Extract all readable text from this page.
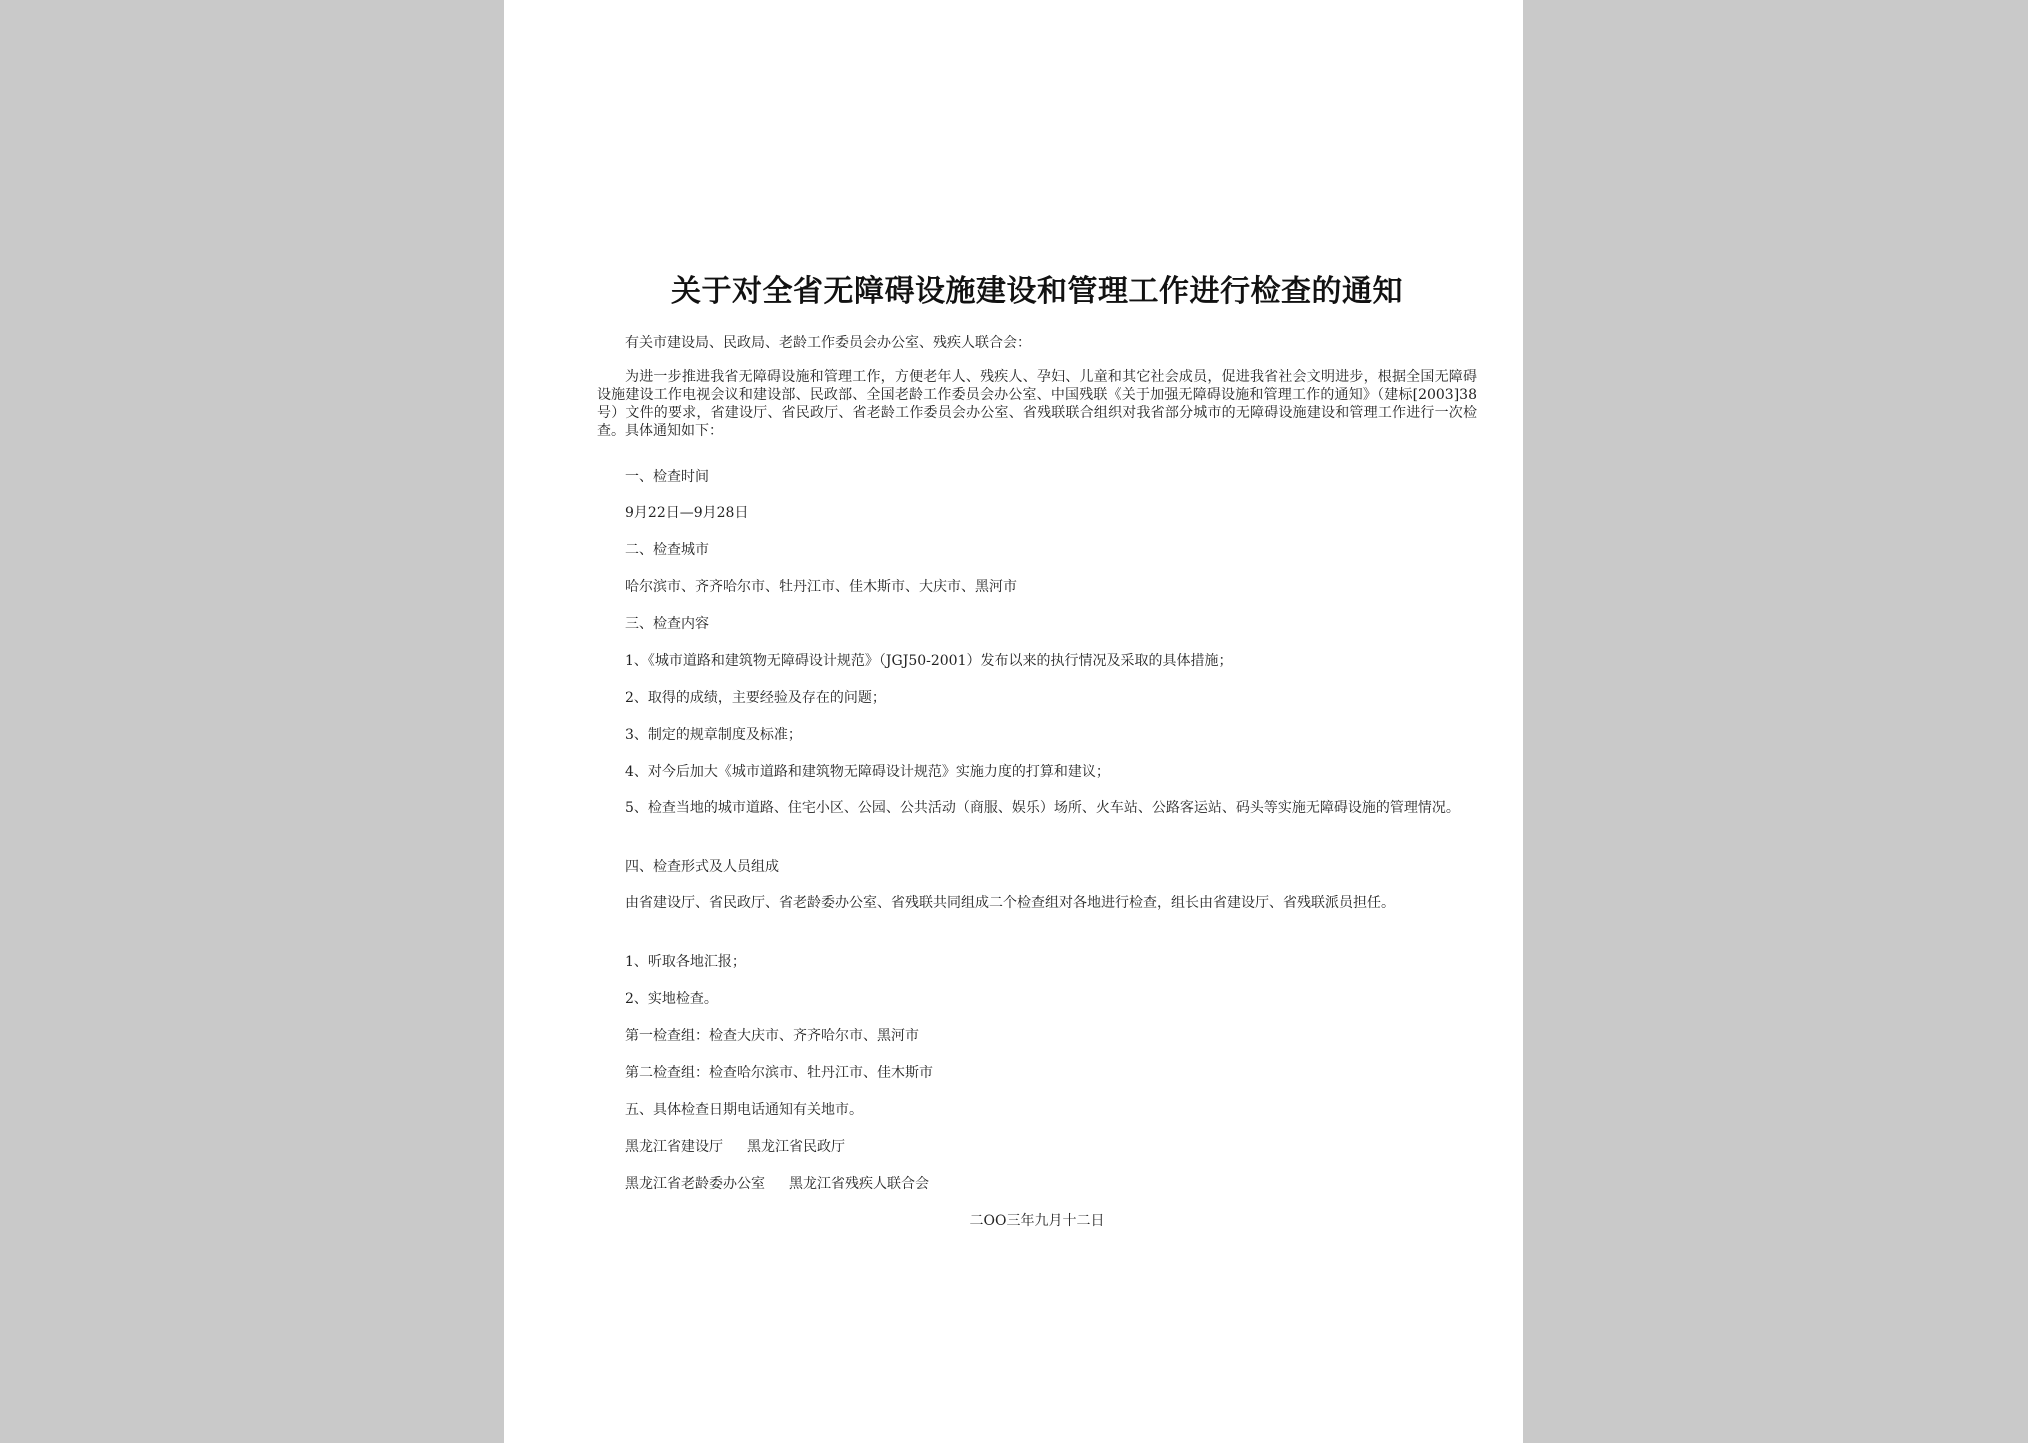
关于对全省无障碍设施建设和管理工作进行检查的通知
有关市建设局、民政局、老龄工作委员会办公室、残疾人联合会：
为进一步推进我省无障碍设施和管理工作，方便老年人、残疾人、孕妇、儿童和其它社会成员，促进我省社会文明进步，根据全国无障碍设施建设工作电视会议和建设部、民政部、全国老龄工作委员会办公室、中国残联《关于加强无障碍设施和管理工作的通知》（建标[2003]38号）文件的要求，省建设厅、省民政厅、省老龄工作委员会办公室、省残联联合组织对我省部分城市的无障碍设施建设和管理工作进行一次检查。具体通知如下：
一、检查时间
9月22日—9月28日
二、检查城市
哈尔滨市、齐齐哈尔市、牡丹江市、佳木斯市、大庆市、黑河市
三、检查内容
1、《城市道路和建筑物无障碍设计规范》（JGJ50-2001）发布以来的执行情况及采取的具体措施；
2、取得的成绩，主要经验及存在的问题；
3、制定的规章制度及标准；
4、对今后加大《城市道路和建筑物无障碍设计规范》实施力度的打算和建议；
5、检查当地的城市道路、住宅小区、公园、公共活动（商服、娱乐）场所、火车站、公路客运站、码头等实施无障碍设施的管理情况。
四、检查形式及人员组成
由省建设厅、省民政厅、省老龄委办公室、省残联共同组成二个检查组对各地进行检查，组长由省建设厅、省残联派员担任。
1、听取各地汇报；
2、实地检查。
第一检查组：检查大庆市、齐齐哈尔市、黑河市
第二检查组：检查哈尔滨市、牡丹江市、佳木斯市
五、具体检查日期电话通知有关地市。
黑龙江省建设厅 黑龙江省民政厅
黑龙江省老龄委办公室 黑龙江省残疾人联合会
二OO三年九月十二日
